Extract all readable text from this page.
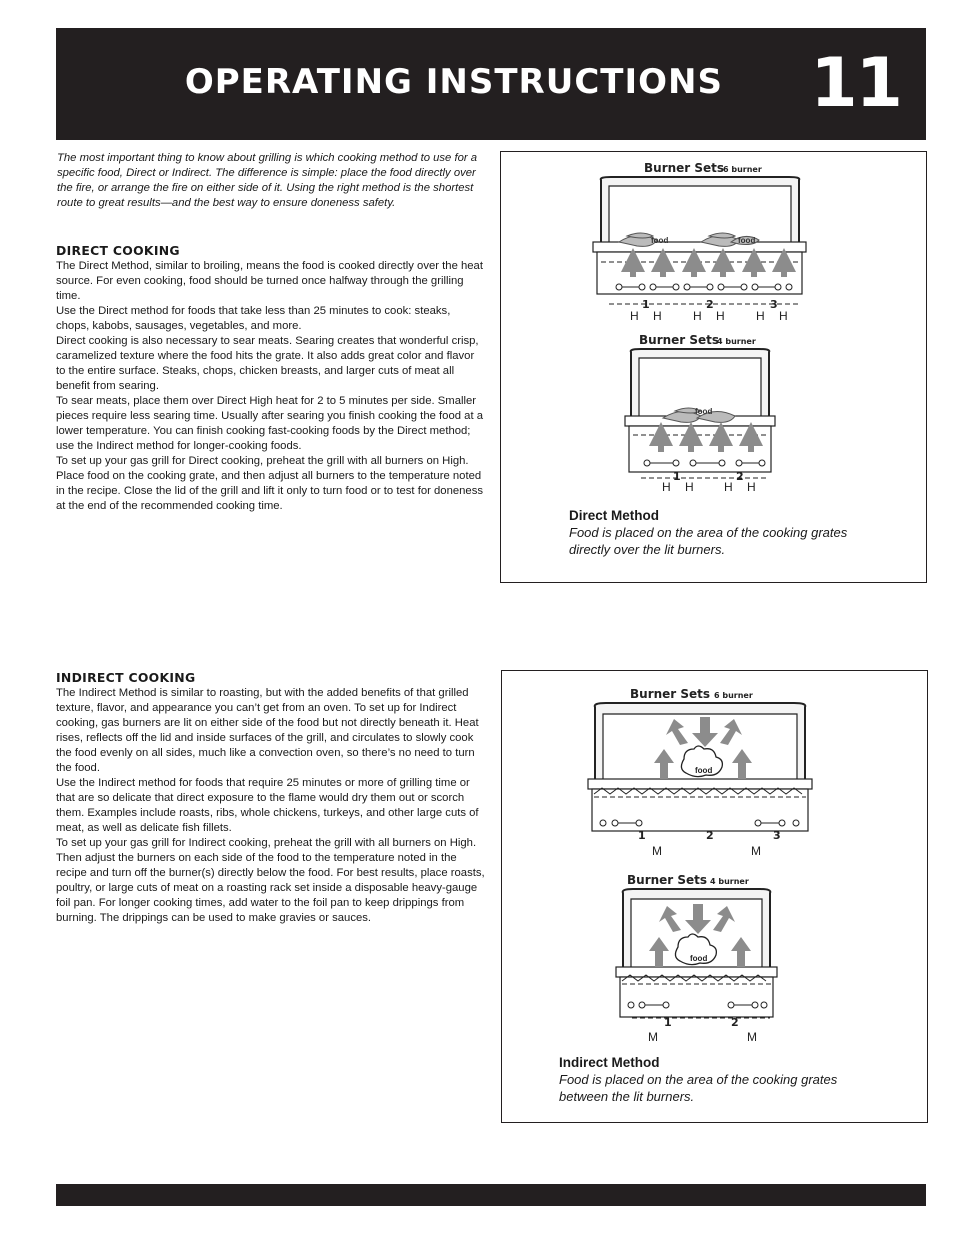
OPERATING INSTRUCTIONS 11
The most important thing to know about grilling is which cooking method to use for a specific food, Direct or Indirect. The difference is simple: place the food directly over the fire, or arrange the fire on either side of it. Using the right method is the shortest route to great results—and the best way to ensure doneness safety.
DIRECT COOKING

The Direct Method, similar to broiling, means the food is cooked directly over the heat source. For even cooking, food should be turned once halfway through the grilling time.

Use the Direct method for foods that take less than 25 minutes to cook: steaks, chops, kabobs, sausages, vegetables, and more.

Direct cooking is also necessary to sear meats. Searing creates that wonderful crisp, caramelized texture where the food hits the grate. It also adds great color and flavor to the entire surface. Steaks, chops, chicken breasts, and larger cuts of meat all benefit from searing.

To sear meats, place them over Direct High heat for 2 to 5 minutes per side. Smaller pieces require less searing time. Usually after searing you finish cooking the food at a lower temperature. You can finish cooking fast-cooking foods by the Direct method; use the Indirect method for longer-cooking foods.

To set up your gas grill for Direct cooking, preheat the grill with all burners on High. Place food on the cooking grate, and then adjust all burners to the temperature noted in the recipe. Close the lid of the grill and lift it only to turn food or to test for doneness at the end of the recommended cooking time.

INDIRECT COOKING

The Indirect Method is similar to roasting, but with the added benefits of that grilled texture, flavor, and appearance you can’t get from an oven. To set up for Indirect cooking, gas burners are lit on either side of the food but not directly beneath it. Heat rises, reflects off the lid and inside surfaces of the grill, and circulates to slowly cook the food evenly on all sides, much like a convection oven, so there’s no need to turn the food.

Use the Indirect method for foods that require 25 minutes or more of grilling time or that are so delicate that direct exposure to the flame would dry them out or scorch them. Examples include roasts, ribs, whole chickens, turkeys, and other large cuts of meat, as well as delicate fish fillets.

To set up your gas grill for Indirect cooking, preheat the grill with all burners on High. Then adjust the burners on each side of the food to the temperature noted in the recipe and turn off the burner(s) directly below the food. For best results, place roasts, poultry, or large cuts of meat on a roasting rack set inside a disposable heavy-gauge foil pan. For longer cooking times, add water to the foil pan to keep drippings from burning. The drippings can be used to make gravies or sauces.

Burner Sets
6 burner
food	food
1	2	3
H H	H H	H H
Burner Sets
4 burner
food
1	2
H H	H H
Direct Method
Food is placed on the area of the cooking grates directly over the lit burners.
Burner Sets 6 burner
food
1	2	3
M	M
Burner Sets 4 burner
food
1	2
M	M
Indirect Method
Food is placed on the area of the cooking grates between the lit burners.
